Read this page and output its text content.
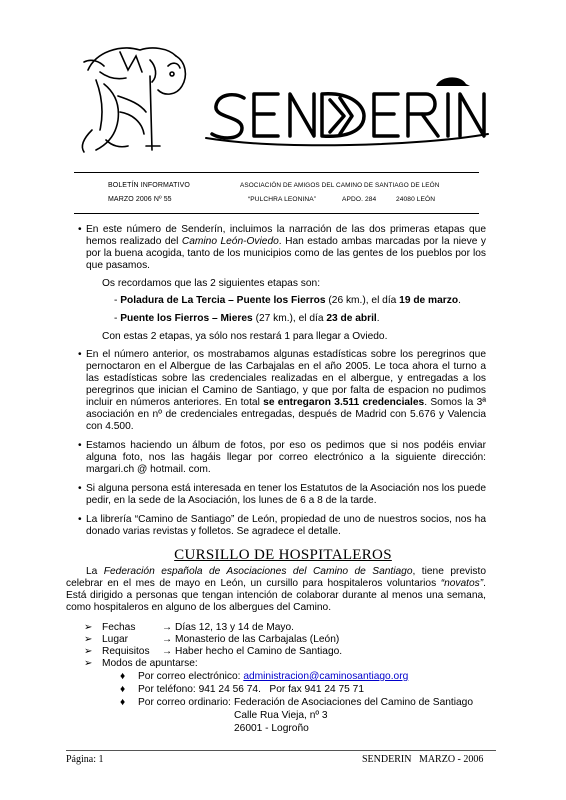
BOLETÍN INFORMATIVO
MARZO 2006 Nº 55
ASOCIACIÓN DE AMIGOS DEL CAMINO DE SANTIAGO DE LEÓN
“PULCHRA LEONINA”	APDO. 284	24080 LEÓN
• En este número de Senderín, incluimos la narración de las dos primeras etapas que hemos realizado del Camino León-Oviedo. Han estado ambas marcadas por la nieve y por la buena acogida, tanto de los municipios como de las gentes de los pueblos por los que pasamos.
Os recordamos que las 2 siguientes etapas son:
- Poladura de La Tercia – Puente los Fierros (26 km.), el día 19 de marzo.
- Puente los Fierros – Mieres (27 km.), el día 23 de abril.
Con estas 2 etapas, ya sólo nos restará 1 para llegar a Oviedo.
• En el número anterior, os mostrabamos algunas estadísticas sobre los peregrinos que pernoctaron en el Albergue de las Carbajalas en el año 2005. Le toca ahora el turno a las estadísticas sobre las credenciales realizadas en el albergue, y entregadas a los peregrinos que inician el Camino de Santiago, y que por falta de espacion no pudimos incluir en números anteriores. En total se entregaron 3.511 credenciales. Somos la 3ª asociación en nº de credenciales entregadas, después de Madrid con 5.676 y Valencia con 4.500.
• Estamos haciendo un álbum de fotos, por eso os pedimos que si nos podéis enviar alguna foto, nos las hagáis llegar por correo electrónico a la siguiente dirección: margari.ch @ hotmail. com.
• Si alguna persona está interesada en tener los Estatutos de la Asociación nos los puede pedir, en la sede de la Asociación, los lunes de 6 a 8 de la tarde.
• La librería “Camino de Santiago” de León, propiedad de uno de nuestros socios, nos ha donado varias revistas y folletos. Se agradece el detalle.
CURSILLO DE HOSPITALEROS
La Federación española de Asociaciones del Camino de Santiago, tiene previsto celebrar en el mes de mayo en León, un cursillo para hospitaleros voluntarios “novatos”. Está dirigido a personas que tengan intención de colaborar durante al menos una semana, como hospitaleros en alguno de los albergues del Camino.
➢ Fechas	→ Días 12, 13 y 14 de Mayo.
➢ Lugar	→ Monasterio de las Carbajalas (León)
➢ Requisitos → Haber hecho el Camino de Santiago.
➢ Modos de apuntarse:
♦ Por correo electrónico: administracion@caminosantiago.org
♦ Por teléfono: 941 24 56 74.   Por fax 941 24 75 71
♦ Por correo ordinario: Federación de Asociaciones del Camino de Santiago
Calle Rua Vieja, nº 3
26001 - Logroño
Página: 1	SENDERIN   MARZO - 2006
